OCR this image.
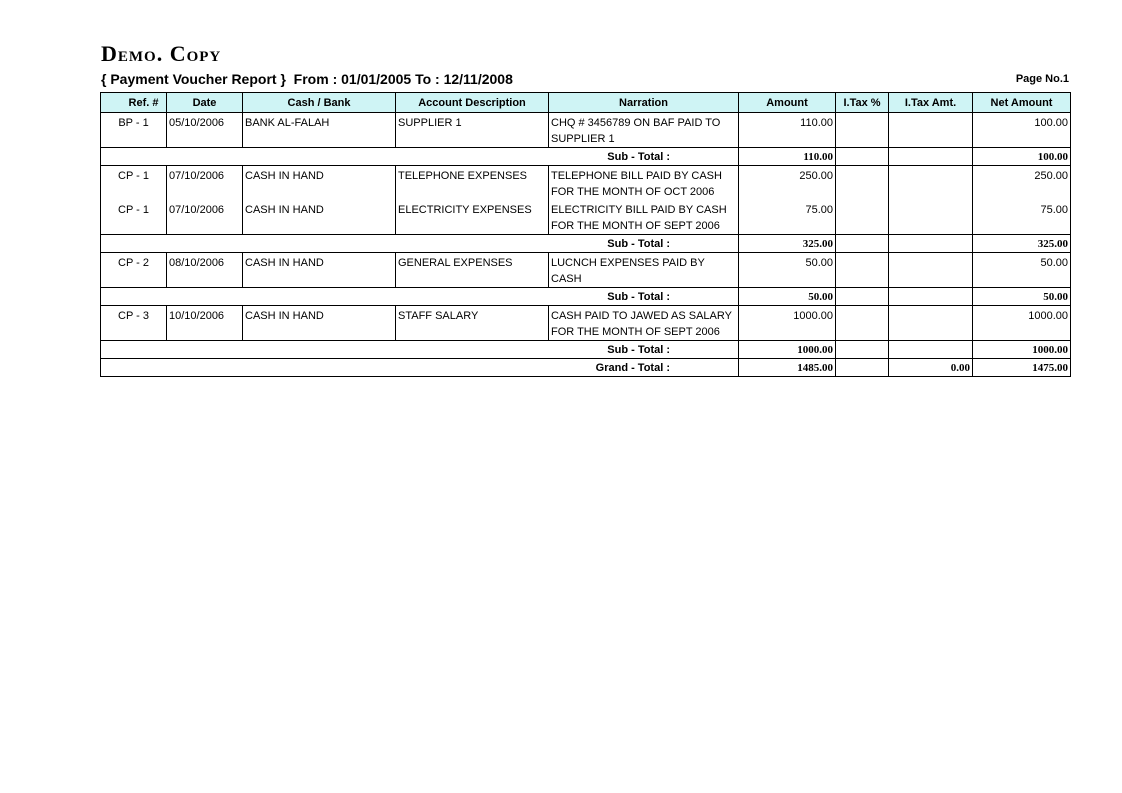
Demo. Copy
{ Payment Voucher Report }  From : 01/01/2005 To : 12/11/2008	Page No.1
Ref. #	Date	Cash / Bank	Account Description	Narration	Amount	I.Tax %	I.Tax Amt.	Net Amount
BP - 1	05/10/2006	BANK AL-FALAH	SUPPLIER 1	CHQ # 3456789 ON BAF PAID TO SUPPLIER 1	110.00			100.00
Sub - Total :					110.00			100.00
CP - 1	07/10/2006	CASH IN HAND	TELEPHONE EXPENSES	TELEPHONE BILL PAID BY CASH FOR THE MONTH OF OCT 2006	250.00			250.00
CP - 1	07/10/2006	CASH IN HAND	ELECTRICITY EXPENSES	ELECTRICITY BILL PAID BY CASH FOR THE MONTH OF SEPT 2006	75.00			75.00
Sub - Total :					325.00			325.00
CP - 2	08/10/2006	CASH IN HAND	GENERAL EXPENSES	LUCNCH EXPENSES PAID BY CASH	50.00			50.00
Sub - Total :					50.00			50.00
CP - 3	10/10/2006	CASH IN HAND	STAFF SALARY	CASH PAID TO JAWED AS SALARY FOR THE MONTH OF SEPT 2006	1000.00			1000.00
Sub - Total :					1000.00			1000.00
Grand - Total :					1485.00		0.00	1475.00
